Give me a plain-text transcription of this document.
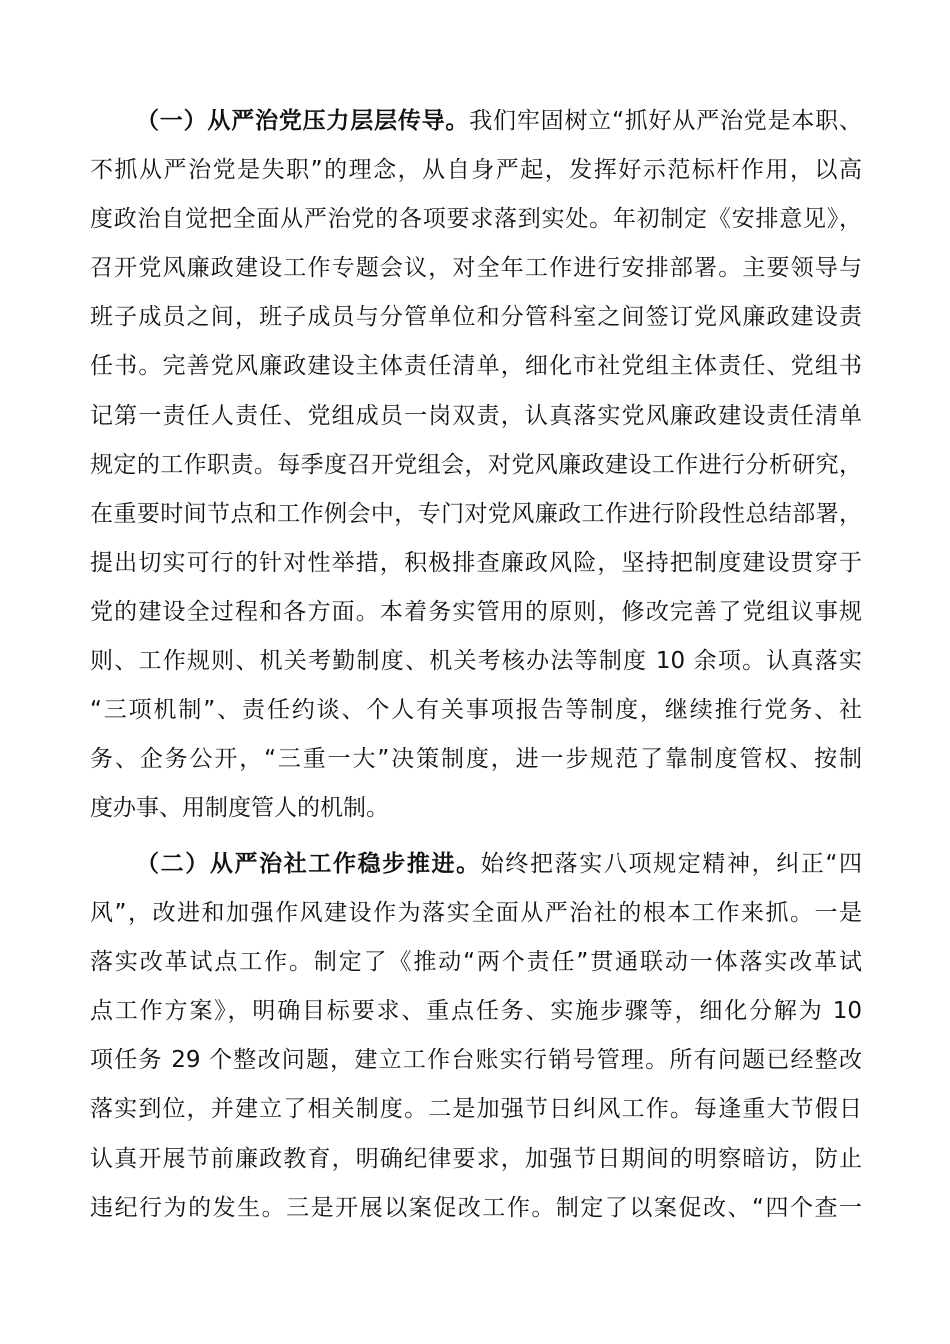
（一）从严治党压力层层传导。我们牢固树立“抓好从严治党是本职、
不抓从严治党是失职”的理念，从自身严起，发挥好示范标杆作用，以高
度政治自觉把全面从严治党的各项要求落到实处。年初制定《安排意见》，
召开党风廉政建设工作专题会议，对全年工作进行安排部署。主要领导与
班子成员之间，班子成员与分管单位和分管科室之间签订党风廉政建设责
任书。完善党风廉政建设主体责任清单，细化市社党组主体责任、党组书
记第一责任人责任、党组成员一岗双责，认真落实党风廉政建设责任清单
规定的工作职责。每季度召开党组会，对党风廉政建设工作进行分析研究，
在重要时间节点和工作例会中，专门对党风廉政工作进行阶段性总结部署，
提出切实可行的针对性举措，积极排查廉政风险，坚持把制度建设贯穿于
党的建设全过程和各方面。本着务实管用的原则，修改完善了党组议事规
则、工作规则、机关考勤制度、机关考核办法等制度 10 余项。认真落实
“三项机制”、责任约谈、个人有关事项报告等制度，继续推行党务、社
务、企务公开，“三重一大”决策制度，进一步规范了靠制度管权、按制
度办事、用制度管人的机制。
（二）从严治社工作稳步推进。始终把落实八项规定精神，纠正“四
风”，改进和加强作风建设作为落实全面从严治社的根本工作来抓。一是
落实改革试点工作。制定了《推动“两个责任”贯通联动一体落实改革试
点工作方案》，明确目标要求、重点任务、实施步骤等，细化分解为 10
项任务 29 个整改问题，建立工作台账实行销号管理。所有问题已经整改
落实到位，并建立了相关制度。二是加强节日纠风工作。每逢重大节假日
认真开展节前廉政教育，明确纪律要求，加强节日期间的明察暗访，防止
违纪行为的发生。三是开展以案促改工作。制定了以案促改、“四个查一
